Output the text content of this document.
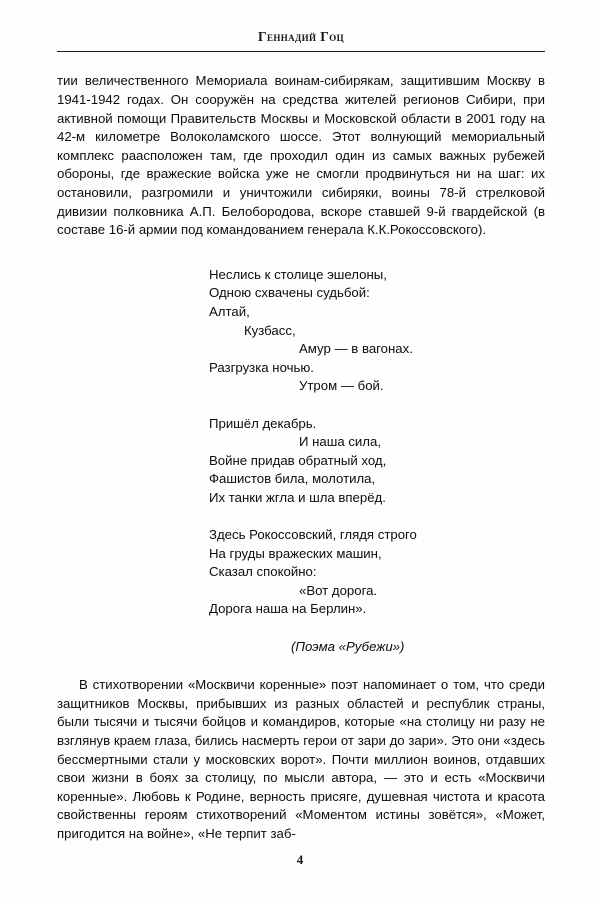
Геннадий Гоц

тии величественного Мемориала воинам-сибирякам, защитившим Москву в 1941-1942 годах. Он сооружён на средства жителей регионов Сибири, при активной помощи Правительств Москвы и Московской области в 2001 году на 42-м километре Волоколамского шоссе. Этот волнующий мемориальный комплекс раасположен там, где проходил один из самых важных рубежей обороны, где вражеские войска уже не смогли продвинуться ни на шаг: их остановили, разгромили и уничтожили сибиряки, воины 78-й стрелковой дивизии полковника А.П. Белобородова, вскоре ставшей 9-й гвардейской (в составе 16-й армии под командованием генерала К.К.Рокоссовского).

Неслись к столице эшелоны,
Одною схвачены судьбой:
Алтай,
Кузбасс,
Амур — в вагонах.
Разгрузка ночью.
Утром — бой.
Пришёл декабрь.
И наша сила,
Войне придав обратный ход,
Фашистов била, молотила,
Их танки жгла и шла вперёд.
Здесь Рокоссовский, глядя строго
На груды вражеских машин,
Сказал спокойно:
«Вот дорога.
Дорога наша на Берлин».
(Поэма «Рубежи»)

В стихотворении «Москвичи коренные» поэт напоминает о том, что среди защитников Москвы, прибывших из разных областей и республик страны, были тысячи и тысячи бойцов и командиров, которые «на столицу ни разу не взглянув краем глаза, бились насмерть герои от зари до зари». Это они «здесь бессмертными стали у московских ворот». Почти миллион воинов, отдавших свои жизни в боях за столицу, по мысли автора, — это и есть «Москвичи коренные». Любовь к Родине, верность присяге, душевная чистота и красота свойственны героям стихотворений «Моментом истины зовётся», «Может, пригодится на войне», «Не терпит заб-

4
